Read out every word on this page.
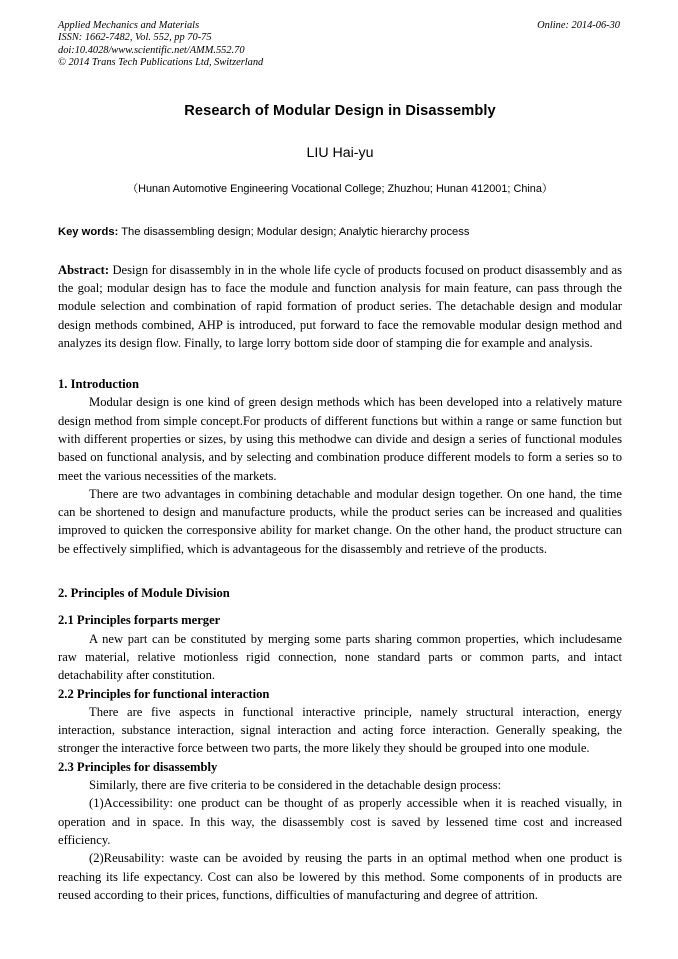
Applied Mechanics and Materials
ISSN: 1662-7482, Vol. 552, pp 70-75
doi:10.4028/www.scientific.net/AMM.552.70
© 2014 Trans Tech Publications Ltd, Switzerland
Online: 2014-06-30
Research of Modular Design in Disassembly
LIU Hai-yu
（Hunan Automotive Engineering Vocational College; Zhuzhou; Hunan 412001; China）
Key words: The disassembling design; Modular design; Analytic hierarchy process
Abstract: Design for disassembly in in the whole life cycle of products focused on product disassembly and as the goal; modular design has to face the module and function analysis for main feature, can pass through the module selection and combination of rapid formation of product series. The detachable design and modular design methods combined, AHP is introduced, put forward to face the removable modular design method and analyzes its design flow. Finally, to large lorry bottom side door of stamping die for example and analysis.
1. Introduction
Modular design is one kind of green design methods which has been developed into a relatively mature design method from simple concept.For products of different functions but within a range or same function but with different properties or sizes, by using this methodwe can divide and design a series of functional modules based on functional analysis, and by selecting and combination produce different models to form a series so to meet the various necessities of the markets.
There are two advantages in combining detachable and modular design together. On one hand, the time can be shortened to design and manufacture products, while the product series can be increased and qualities improved to quicken the corresponsive ability for market change. On the other hand, the product structure can be effectively simplified, which is advantageous for the disassembly and retrieve of the products.
2. Principles of Module Division
2.1 Principles forparts merger
A new part can be constituted by merging some parts sharing common properties, which includesame raw material, relative motionless rigid connection, none standard parts or common parts, and intact detachability after constitution.
2.2 Principles for functional interaction
There are five aspects in functional interactive principle, namely structural interaction, energy interaction, substance interaction, signal interaction and acting force interaction. Generally speaking, the stronger the interactive force between two parts, the more likely they should be grouped into one module.
2.3 Principles for disassembly
Similarly, there are five criteria to be considered in the detachable design process:
(1)Accessibility: one product can be thought of as properly accessible when it is reached visually, in operation and in space. In this way, the disassembly cost is saved by lessened time cost and increased efficiency.
(2)Reusability: waste can be avoided by reusing the parts in an optimal method when one product is reaching its life expectancy. Cost can also be lowered by this method. Some components of in products are reused according to their prices, functions, difficulties of manufacturing and degree of attrition.
